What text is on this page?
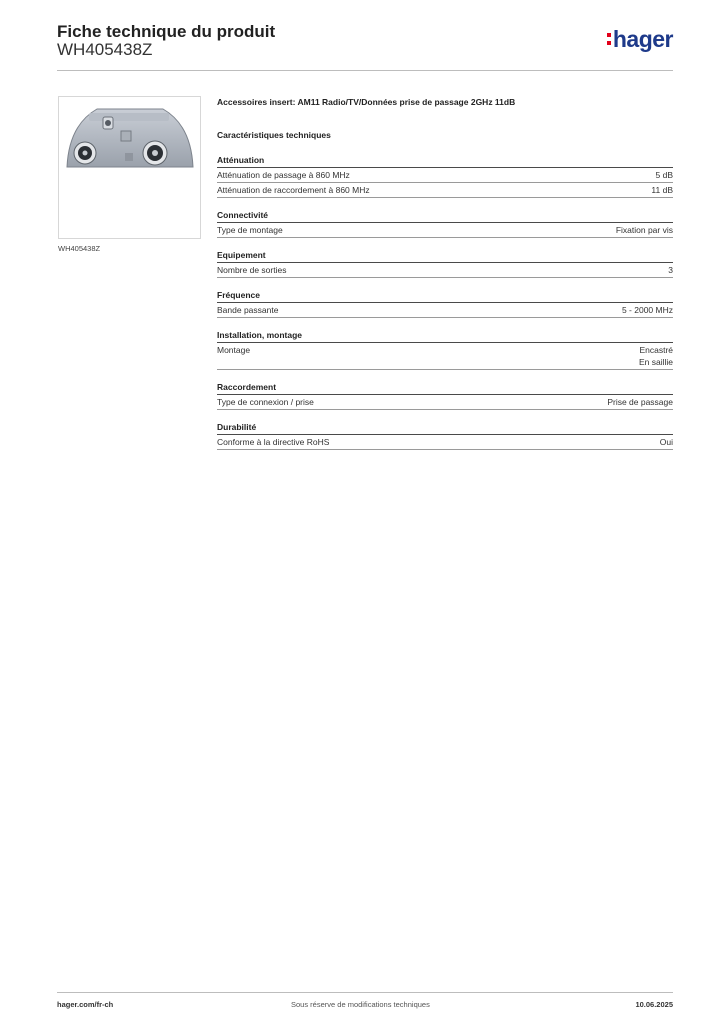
Fiche technique du produit
WH405438Z	hager
WH405438Z
Accessoires insert: AM11 Radio/TV/Données prise de passage 2GHz 11dB
Caractéristiques techniques
Atténuation
Atténuation de passage à 860 MHz	5 dB
Atténuation de raccordement à 860 MHz	11 dB
Connectivité
Type de montage	Fixation par vis
Equipement
Nombre de sorties	3
Fréquence
Bande passante	5 - 2000 MHz
Installation, montage
Montage	Encastré
En saillie
Raccordement
Type de connexion / prise	Prise de passage
Durabilité
Conforme à la directive RoHS	Oui
hager.com/fr-ch	Sous réserve de modifications techniques	10.06.2025
